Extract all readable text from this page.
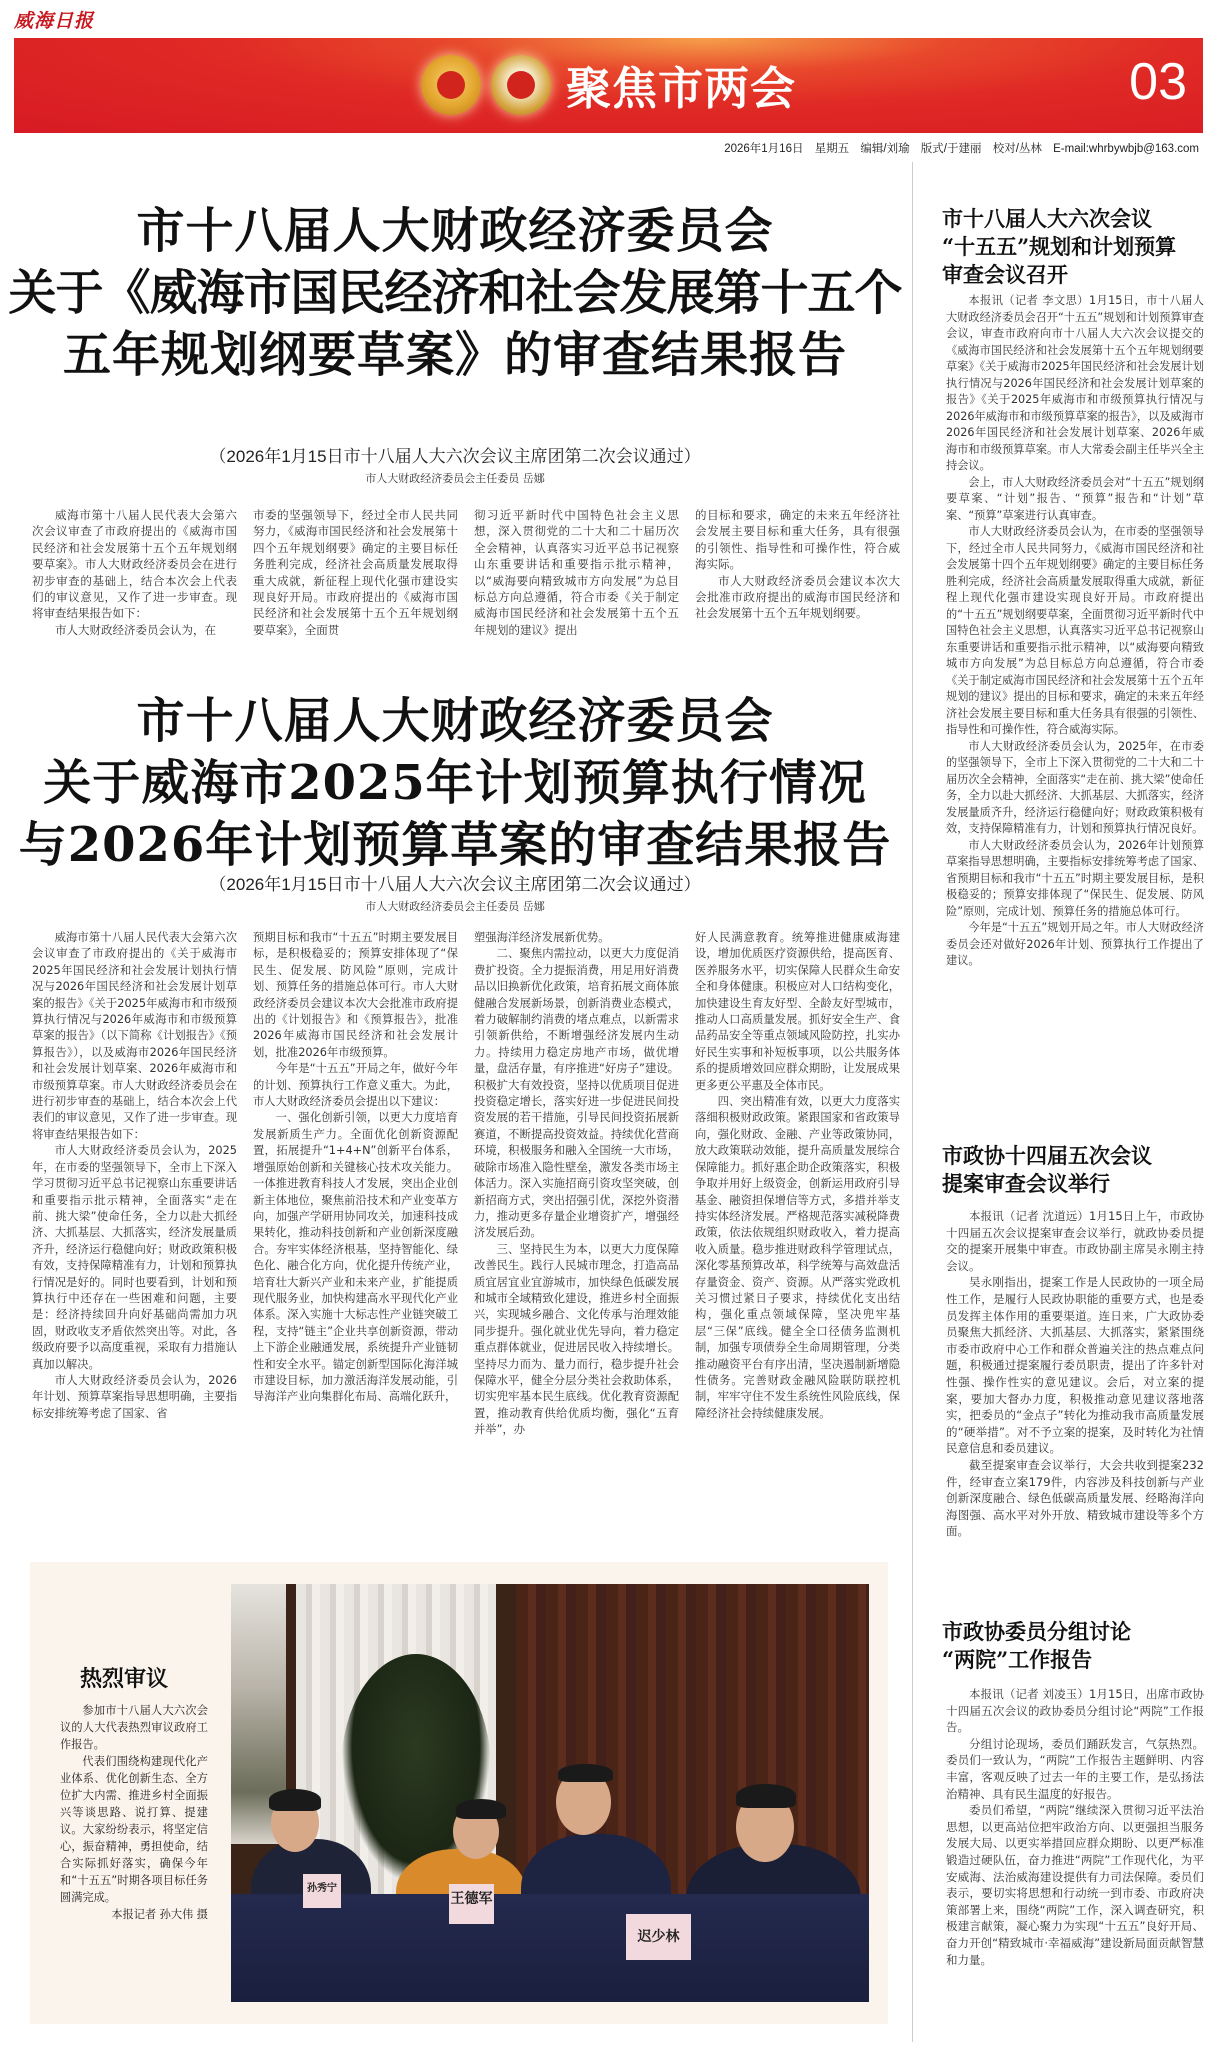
威海日报
聚焦市两会	03
2026年1月16日 星期五 编辑/刘瑜 版式/于建丽 校对/丛林 E-mail:whrbywbjb@163.com
市十八届人大财政经济委员会
关于《威海市国民经济和社会发展第十五个
五年规划纲要草案》的审查结果报告
（2026年1月15日市十八届人大六次会议主席团第二次会议通过）
市人大财政经济委员会主任委员 岳娜

威海市第十八届人民代表大会第六次会议审查了市政府提出的《威海市国民经济和社会发展第十五个五年规划纲要草案》。市人大财政经济委员会在进行初步审查的基础上，结合本次会上代表们的审议意见，又作了进一步审查。现将审查结果报告如下：

市人大财政经济委员会认为，在

市委的坚强领导下，经过全市人民共同努力，《威海市国民经济和社会发展第十四个五年规划纲要》确定的主要目标任务胜利完成，经济社会高质量发展取得重大成就，新征程上现代化强市建设实现良好开局。市政府提出的《威海市国民经济和社会发展第十五个五年规划纲要草案》，全面贯

彻习近平新时代中国特色社会主义思想，深入贯彻党的二十大和二十届历次全会精神，认真落实习近平总书记视察山东重要讲话和重要指示批示精神，以“威海要向精致城市方向发展”为总目标总方向总遵循，符合市委《关于制定威海市国民经济和社会发展第十五个五年规划的建议》提出

的目标和要求，确定的未来五年经济社会发展主要目标和重大任务，具有很强的引领性、指导性和可操作性，符合威海实际。

市人大财政经济委员会建议本次大会批准市政府提出的威海市国民经济和社会发展第十五个五年规划纲要。

市十八届人大财政经济委员会
关于威海市2025年计划预算执行情况
与2026年计划预算草案的审查结果报告
（2026年1月15日市十八届人大六次会议主席团第二次会议通过）
市人大财政经济委员会主任委员 岳娜

威海市第十八届人民代表大会第六次会议审查了市政府提出的《关于威海市2025年国民经济和社会发展计划执行情况与2026年国民经济和社会发展计划草案的报告》《关于2025年威海市和市级预算执行情况与2026年威海市和市级预算草案的报告》（以下简称《计划报告》《预算报告》），以及威海市2026年国民经济和社会发展计划草案、2026年威海市和市级预算草案。市人大财政经济委员会在进行初步审查的基础上，结合本次会上代表们的审议意见，又作了进一步审查。现将审查结果报告如下：

市人大财政经济委员会认为，2025年，在市委的坚强领导下，全市上下深入学习贯彻习近平总书记视察山东重要讲话和重要指示批示精神，全面落实“走在前、挑大梁”使命任务，全力以赴大抓经济、大抓基层、大抓落实，经济发展量质齐升，经济运行稳健向好；财政政策积极有效，支持保障精准有力，计划和预算执行情况是好的。同时也要看到，计划和预算执行中还存在一些困难和问题，主要是：经济持续回升向好基础尚需加力巩固，财政收支矛盾依然突出等。对此，各级政府要予以高度重视，采取有力措施认真加以解决。

市人大财政经济委员会认为，2026年计划、预算草案指导思想明确，主要指标安排统筹考虑了国家、省

预期目标和我市“十五五”时期主要发展目标，是积极稳妥的；预算安排体现了“保民生、促发展、防风险”原则，完成计划、预算任务的措施总体可行。市人大财政经济委员会建议本次大会批准市政府提出的《计划报告》和《预算报告》，批准2026年威海市国民经济和社会发展计划，批准2026年市级预算。

今年是“十五五”开局之年，做好今年的计划、预算执行工作意义重大。为此，市人大财政经济委员会提出以下建议：

一、强化创新引领，以更大力度培育发展新质生产力。全面优化创新资源配置，拓展提升“1+4+N”创新平台体系，增强原始创新和关键核心技术攻关能力。一体推进教育科技人才发展，突出企业创新主体地位，聚焦前沿技术和产业变革方向，加强产学研用协同攻关，加速科技成果转化，推动科技创新和产业创新深度融合。夯牢实体经济根基，坚持智能化、绿色化、融合化方向，优化提升传统产业，培育壮大新兴产业和未来产业，扩能提质现代服务业，加快构建高水平现代化产业体系。深入实施十大标志性产业链突破工程，支持“链主”企业共享创新资源，带动上下游企业融通发展，系统提升产业链韧性和安全水平。锚定创新型国际化海洋城市建设目标，加力激活海洋发展动能，引导海洋产业向集群化布局、高端化跃升，

塑强海洋经济发展新优势。

二、聚焦内需拉动，以更大力度促消费扩投资。全力提振消费，用足用好消费品以旧换新优化政策，培育拓展文商体旅健融合发展新场景，创新消费业态模式，着力破解制约消费的堵点难点，以新需求引领新供给，不断增强经济发展内生动力。持续用力稳定房地产市场，做优增量，盘活存量，有序推进“好房子”建设。积极扩大有效投资，坚持以优质项目促进投资稳定增长，落实好进一步促进民间投资发展的若干措施，引导民间投资拓展新赛道，不断提高投资效益。持续优化营商环境，积极服务和融入全国统一大市场，破除市场准入隐性壁垒，激发各类市场主体活力。深入实施招商引资攻坚突破，创新招商方式，突出招强引优，深挖外资潜力，推动更多存量企业增资扩产，增强经济发展后劲。

三、坚持民生为本，以更大力度保障改善民生。践行人民城市理念，打造高品质宜居宜业宜游城市，加快绿色低碳发展和城市全域精致化建设，推进乡村全面振兴，实现城乡融合、文化传承与治理效能同步提升。强化就业优先导向，着力稳定重点群体就业，促进居民收入持续增长。坚持尽力而为、量力而行，稳步提升社会保障水平，健全分层分类社会救助体系，切实兜牢基本民生底线。优化教育资源配置，推动教育供给优质均衡，强化“五育并举”，办

好人民满意教育。统筹推进健康威海建设，增加优质医疗资源供给，提高医育、医养服务水平，切实保障人民群众生命安全和身体健康。积极应对人口结构变化，加快建设生育友好型、全龄友好型城市，推动人口高质量发展。抓好安全生产、食品药品安全等重点领域风险防控，扎实办好民生实事和补短板事项，以公共服务体系的提质增效回应群众期盼，让发展成果更多更公平惠及全体市民。

四、突出精准有效，以更大力度落实落细积极财政政策。紧跟国家和省政策导向，强化财政、金融、产业等政策协同，放大政策联动效能，提升高质量发展综合保障能力。抓好惠企助企政策落实，积极争取并用好上级资金，创新运用政府引导基金、融资担保增信等方式，多措并举支持实体经济发展。严格规范落实减税降费政策，依法依规组织财政收入，着力提高收入质量。稳步推进财政科学管理试点，深化零基预算改革，科学统筹与高效盘活存量资金、资产、资源。从严落实党政机关习惯过紧日子要求，持续优化支出结构，强化重点领域保障，坚决兜牢基层“三保”底线。健全全口径债务监测机制，加强专项债券全生命周期管理，分类推动融资平台有序出清，坚决遏制新增隐性债务。完善财政金融风险联防联控机制，牢牢守住不发生系统性风险底线，保障经济社会持续健康发展。

热烈审议

参加市十八届人大六次会议的人大代表热烈审议政府工作报告。

代表们围绕构建现代化产业体系、优化创新生态、全方位扩大内需、推进乡村全面振兴等谈思路、说打算、提建议。大家纷纷表示，将坚定信心，振奋精神，勇担使命，结合实际抓好落实，确保今年和“十五五”时期各项目标任务圆满完成。

本报记者 孙大伟 摄
孙秀宁
王德军
迟少林
市十八届人大六次会议
“十五五”规划和计划预算
审查会议召开

本报讯（记者 李文思）1月15日，市十八届人大财政经济委员会召开“十五五”规划和计划预算审查会议，审查市政府向市十八届人大六次会议提交的《威海市国民经济和社会发展第十五个五年规划纲要草案》《关于威海市2025年国民经济和社会发展计划执行情况与2026年国民经济和社会发展计划草案的报告》《关于2025年威海市和市级预算执行情况与2026年威海市和市级预算草案的报告》，以及威海市2026年国民经济和社会发展计划草案、2026年威海市和市级预算草案。市人大常委会副主任毕兴全主持会议。

会上，市人大财政经济委员会对“十五五”规划纲要草案、“计划”报告、“预算”报告和“计划”草案、“预算”草案进行认真审查。

市人大财政经济委员会认为，在市委的坚强领导下，经过全市人民共同努力，《威海市国民经济和社会发展第十四个五年规划纲要》确定的主要目标任务胜利完成，经济社会高质量发展取得重大成就，新征程上现代化强市建设实现良好开局。市政府提出的“十五五”规划纲要草案，全面贯彻习近平新时代中国特色社会主义思想，认真落实习近平总书记视察山东重要讲话和重要指示批示精神，以“威海要向精致城市方向发展”为总目标总方向总遵循，符合市委《关于制定威海市国民经济和社会发展第十五个五年规划的建议》提出的目标和要求，确定的未来五年经济社会发展主要目标和重大任务具有很强的引领性、指导性和可操作性，符合威海实际。

市人大财政经济委员会认为，2025年，在市委的坚强领导下，全市上下深入贯彻党的二十大和二十届历次全会精神，全面落实“走在前、挑大梁”使命任务，全力以赴大抓经济、大抓基层、大抓落实，经济发展量质齐升，经济运行稳健向好；财政政策积极有效，支持保障精准有力，计划和预算执行情况良好。

市人大财政经济委员会认为，2026年计划预算草案指导思想明确，主要指标安排统筹考虑了国家、省预期目标和我市“十五五”时期主要发展目标，是积极稳妥的；预算安排体现了“保民生、促发展、防风险”原则，完成计划、预算任务的措施总体可行。

今年是“十五五”规划开局之年。市人大财政经济委员会还对做好2026年计划、预算执行工作提出了建议。

市政协十四届五次会议
提案审查会议举行

本报讯（记者 沈道远）1月15日上午，市政协十四届五次会议提案审查会议举行，就政协委员提交的提案开展集中审查。市政协副主席吴永刚主持会议。

吴永刚指出，提案工作是人民政协的一项全局性工作，是履行人民政协职能的重要方式，也是委员发挥主体作用的重要渠道。连日来，广大政协委员聚焦大抓经济、大抓基层、大抓落实，紧紧围绕市委市政府中心工作和群众普遍关注的热点难点问题，积极通过提案履行委员职责，提出了许多针对性强、操作性实的意见建议。会后，对立案的提案，要加大督办力度，积极推动意见建议落地落实，把委员的“金点子”转化为推动我市高质量发展的“硬举措”。对不予立案的提案，及时转化为社情民意信息和委员建议。

截至提案审查会议举行，大会共收到提案232件，经审查立案179件，内容涉及科技创新与产业创新深度融合、绿色低碳高质量发展、经略海洋向海图强、高水平对外开放、精致城市建设等多个方面。

市政协委员分组讨论
“两院”工作报告

本报讯（记者 刘凌玉）1月15日，出席市政协十四届五次会议的政协委员分组讨论“两院”工作报告。

分组讨论现场，委员们踊跃发言，气氛热烈。委员们一致认为，“两院”工作报告主题鲜明、内容丰富，客观反映了过去一年的主要工作，是弘扬法治精神、具有民生温度的好报告。

委员们希望，“两院”继续深入贯彻习近平法治思想，以更高站位把牢政治方向、以更强担当服务发展大局、以更实举措回应群众期盼、以更严标准锻造过硬队伍，奋力推进“两院”工作现代化，为平安威海、法治威海建设提供有力司法保障。委员们表示，要切实将思想和行动统一到市委、市政府决策部署上来，围绕“两院”工作，深入调查研究，积极建言献策，凝心聚力为实现“十五五”良好开局、奋力开创“精致城市·幸福威海”建设新局面贡献智慧和力量。
